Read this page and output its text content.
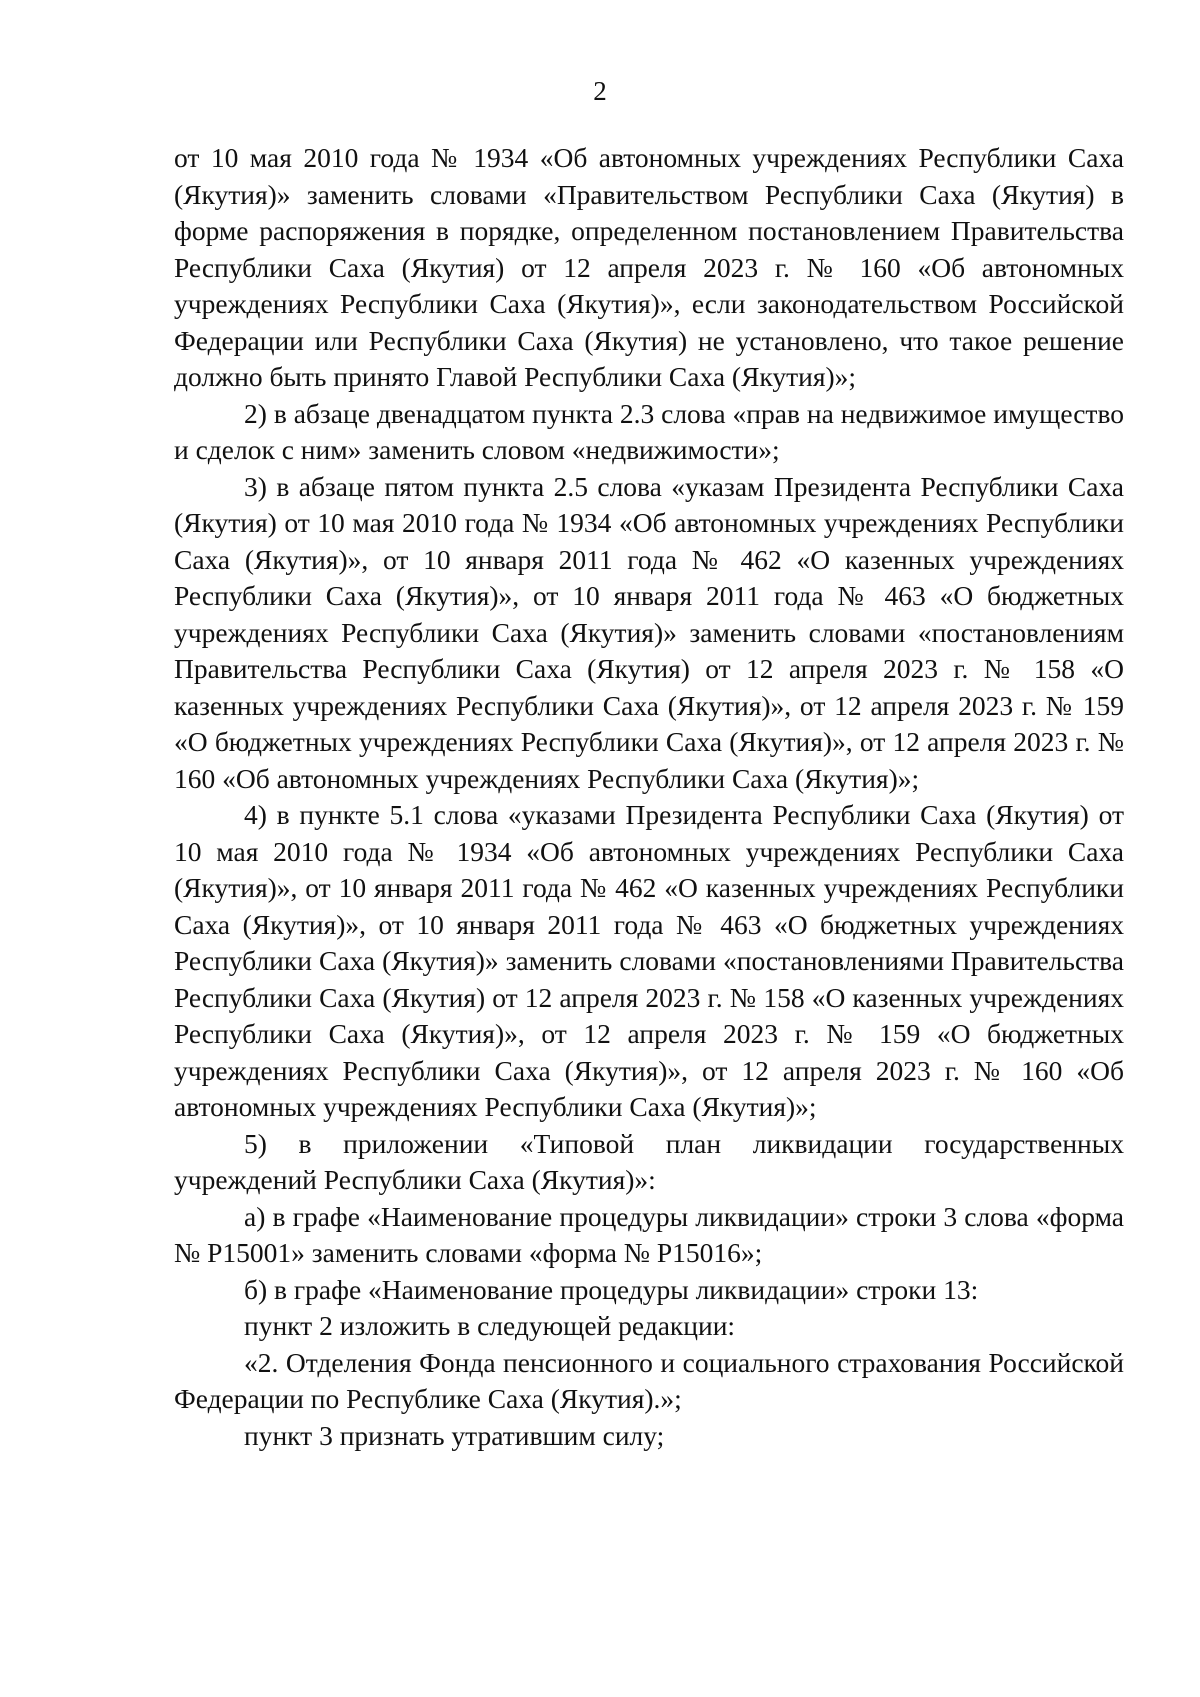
2

от 10 мая 2010 года № 1934 «Об автономных учреждениях Республики Саха (Якутия)» заменить словами «Правительством Республики Саха (Якутия) в форме распоряжения в порядке, определенном постановлением Правительства Республики Саха (Якутия) от 12 апреля 2023 г. № 160 «Об автономных учреждениях Республики Саха (Якутия)», если законодательством Российской Федерации или Республики Саха (Якутия) не установлено, что такое решение должно быть принято Главой Республики Саха (Якутия)»;

2) в абзаце двенадцатом пункта 2.3 слова «прав на недвижимое имущество и сделок с ним» заменить словом «недвижимости»;

3) в абзаце пятом пункта 2.5 слова «указам Президента Республики Саха (Якутия) от 10 мая 2010 года № 1934 «Об автономных учреждениях Республики Саха (Якутия)», от 10 января 2011 года № 462 «О казенных учреждениях Республики Саха (Якутия)», от 10 января 2011 года № 463 «О бюджетных учреждениях Республики Саха (Якутия)» заменить словами «постановлениям Правительства Республики Саха (Якутия) от 12 апреля 2023 г. № 158 «О казенных учреждениях Республики Саха (Якутия)», от 12 апреля 2023 г. № 159 «О бюджетных учреждениях Республики Саха (Якутия)», от 12 апреля 2023 г. № 160 «Об автономных учреждениях Республики Саха (Якутия)»;

4) в пункте 5.1 слова «указами Президента Республики Саха (Якутия) от 10 мая 2010 года № 1934 «Об автономных учреждениях Республики Саха (Якутия)», от 10 января 2011 года № 462 «О казенных учреждениях Республики Саха (Якутия)», от 10 января 2011 года № 463 «О бюджетных учреждениях Республики Саха (Якутия)» заменить словами «постановлениями Правительства Республики Саха (Якутия) от 12 апреля 2023 г. № 158 «О казенных учреждениях Республики Саха (Якутия)», от 12 апреля 2023 г. № 159 «О бюджетных учреждениях Республики Саха (Якутия)», от 12 апреля 2023 г. № 160 «Об автономных учреждениях Республики Саха (Якутия)»;

5) в приложении «Типовой план ликвидации государственных учреждений Республики Саха (Якутия)»:

а) в графе «Наименование процедуры ликвидации» строки 3 слова «форма № Р15001» заменить словами «форма № Р15016»;

б) в графе «Наименование процедуры ликвидации» строки 13:

пункт 2 изложить в следующей редакции:

«2. Отделения Фонда пенсионного и социального страхования Российской Федерации по Республике Саха (Якутия).»;

пункт 3 признать утратившим силу;
